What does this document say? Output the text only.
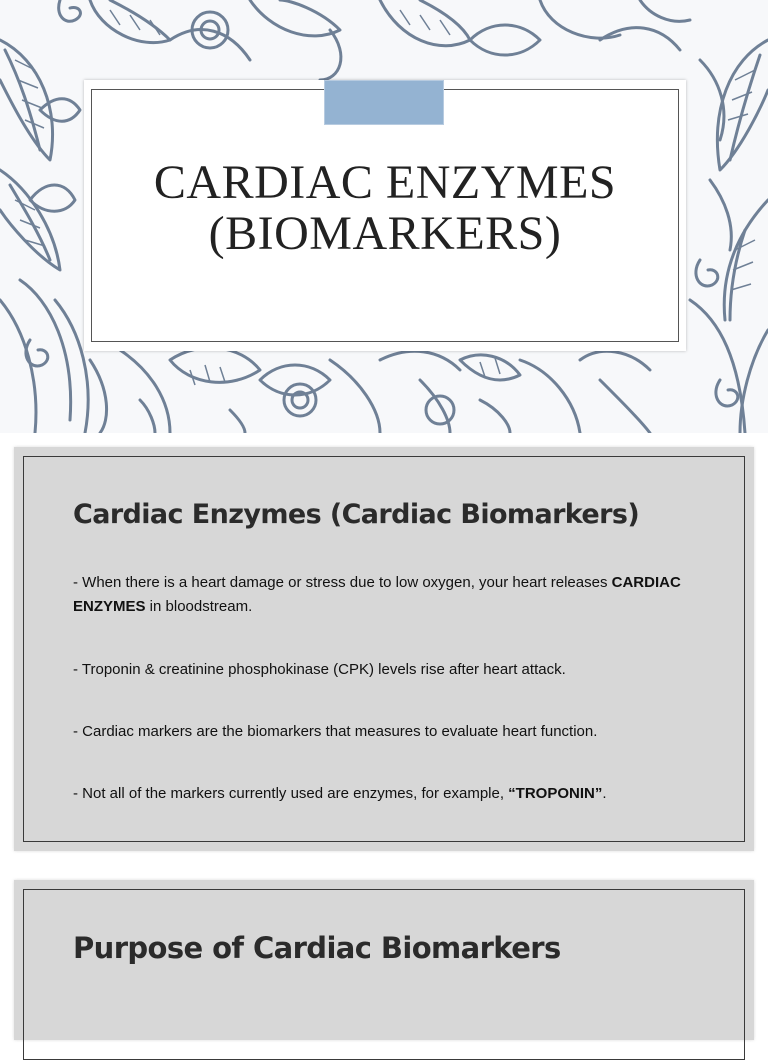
CARDIAC ENZYMES
(BIOMARKERS)
Cardiac Enzymes (Cardiac Biomarkers)
- When there is a heart damage or stress due to low oxygen, your heart releases CARDIAC ENZYMES in bloodstream.
- Troponin & creatinine phosphokinase (CPK) levels rise after heart attack.
- Cardiac markers are the biomarkers that measures to evaluate heart function.
- Not all of the markers currently used are enzymes, for example, “TROPONIN”.
Purpose of Cardiac Biomarkers
